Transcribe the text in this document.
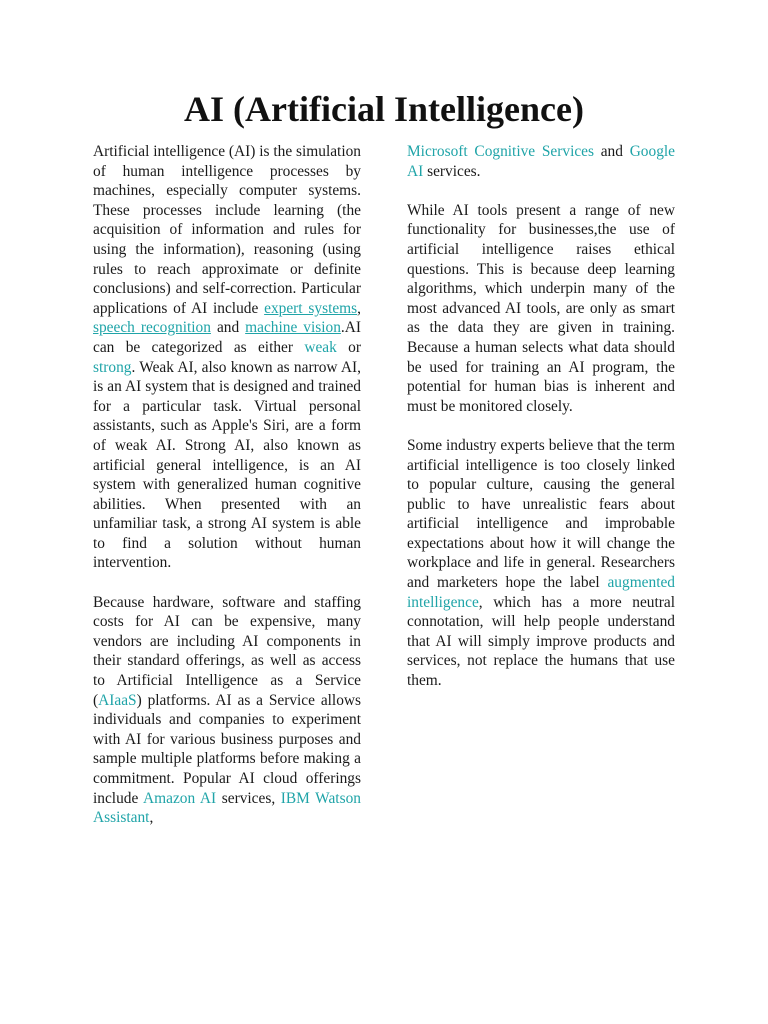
AI (Artificial Intelligence)

Artificial intelligence (AI) is the simulation of human intelligence processes by machines, especially computer systems. These processes include learning (the acquisition of information and rules for using the information), reasoning (using rules to reach approximate or definite conclusions) and self-correction. Particular applications of AI include expert systems, speech recognition and machine vision.AI can be categorized as either weak or strong. Weak AI, also known as narrow AI, is an AI system that is designed and trained for a particular task. Virtual personal assistants, such as Apple's Siri, are a form of weak AI. Strong AI, also known as artificial general intelligence, is an AI system with generalized human cognitive abilities. When presented with an unfamiliar task, a strong AI system is able to find a solution without human intervention.

Because hardware, software and staffing costs for AI can be expensive, many vendors are including AI components in their standard offerings, as well as access to Artificial Intelligence as a Service (AIaaS) platforms. AI as a Service allows individuals and companies to experiment with AI for various business purposes and sample multiple platforms before making a commitment. Popular AI cloud offerings include Amazon AI services, IBM Watson Assistant,

Microsoft Cognitive Services and Google AI services.

While AI tools present a range of new functionality for businesses,the use of artificial intelligence raises ethical questions. This is because deep learning algorithms, which underpin many of the most advanced AI tools, are only as smart as the data they are given in training. Because a human selects what data should be used for training an AI program, the potential for human bias is inherent and must be monitored closely.

Some industry experts believe that the term artificial intelligence is too closely linked to popular culture, causing the general public to have unrealistic fears about artificial intelligence and improbable expectations about how it will change the workplace and life in general. Researchers and marketers hope the label augmented intelligence, which has a more neutral connotation, will help people understand that AI will simply improve products and services, not replace the humans that use them.
